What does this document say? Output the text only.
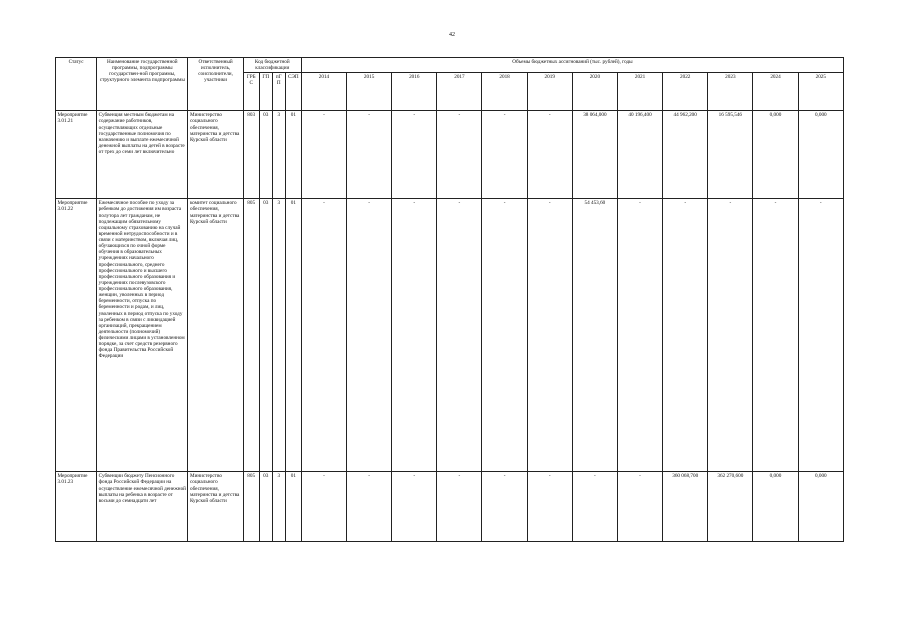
42
Статус	Наименование государственной программы, подпрограммы государствен-ной программы, структурного элемента подпрограммы	Ответственный исполнитель, соисполнители, участники	Код бюджетной классификации				Объемы бюджетных ассигнований (тыс. рублей), годы											
			ГРБС	ГП	пГП	СЭП	2014	2015	2016	2017	2018	2019	2020	2021	2022	2023	2024	2025
Мероприятие 3.01.21	Субвенция местным бюджетам на содержание работников, осуществляющих отдельные государственные полномочия по назначению и выплате ежемесячной денежной выплаты на детей в возрасте от трех до семи лет включительно	Министерство социального обеспечения, материнства и детства Курской области	803	03	3	01	-	-	-	-	-	-	38 064,000	40 196,400	44 962,200	16 595,546	0,000	0,000
Мероприятие 3.01.22	Ежемесячное пособие по уходу за ребенком до достижения им возраста полутора лет гражданам, не подлежащим обязательному социальному страхованию на случай временной нетрудоспособности и в связи с материнством, включая лиц, обучающихся по очной форме обучения в образовательных учреждениях начального профессионального, среднего профессионального и высшего профессионального образования и учреждениях послевузовского профессионального образования, женщин, уволенных в период беременности, отпуска по беременности и родам, и лиц, уволенных в период отпуска по уходу за ребенком в связи с ликвидацией организаций, прекращением деятельности (полномочий) физическими лицами в установленном порядке, за счет средств резервного фонда Правительства Российской Федерации	комитет социального обеспечения, материнства и детства Курской области	805	03	3	01	-	-	-	-	-	-	54 453,60	-	-	-	-	-
Мероприятие 3.01.23	Субвенции бюджету Пенсионного фонда Российской Федерации на осуществление ежемесячной денежной выплаты на ребенка в возрасте от восьми до семнадцати лет	Министерство социального обеспечения, материнства и детства Курской области	805	03	3	01	-	-	-	-	-	-	-	-	360 068,700	362 270,600	0,000	0,000
